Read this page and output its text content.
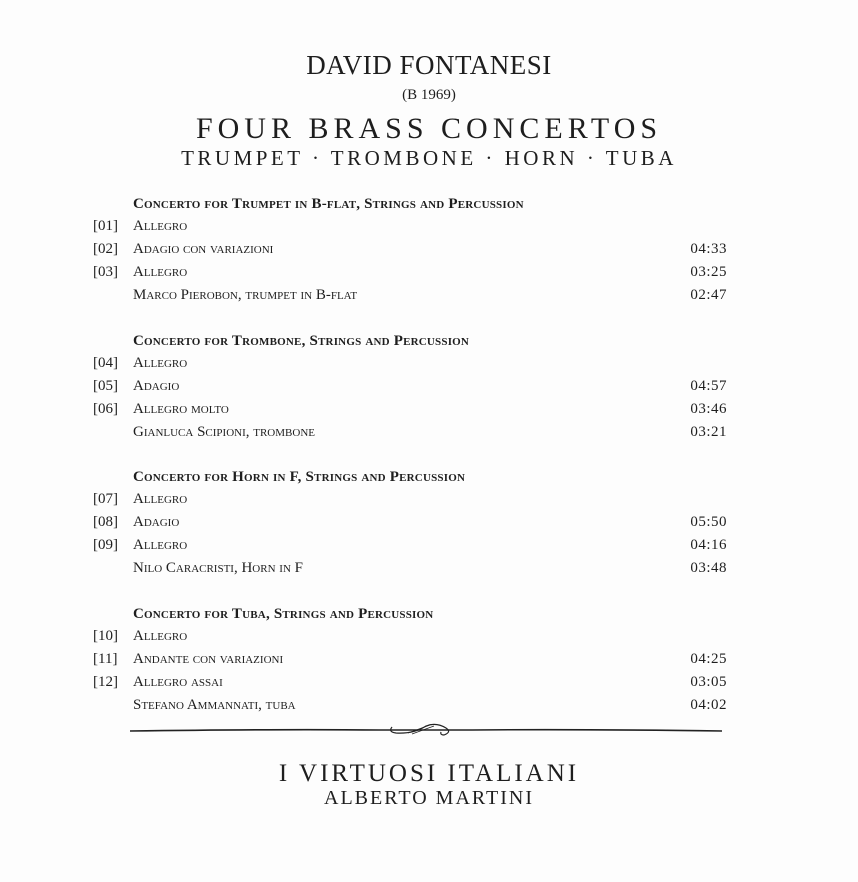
DAVID FONTANESI
(B 1969)
FOUR BRASS CONCERTOS
TRUMPET · TROMBONE · HORN · TUBA
Concerto for Trumpet in B-flat, Strings and Percussion
[01] Allegro
[02] Adagio con variazioni	04:33
[03] Allegro	03:25
Marco Pierobon, trumpet in B-flat	02:47
Concerto for Trombone, Strings and Percussion
[04] Allegro
[05] Adagio	04:57
[06] Allegro molto	03:46
Gianluca Scipioni, trombone	03:21
Concerto for Horn in F, Strings and Percussion
[07] Allegro
[08] Adagio	05:50
[09] Allegro	04:16
Nilo Caracristi, Horn in F	03:48
Concerto for Tuba, Strings and Percussion
[10] Allegro
[11] Andante con variazioni	04:25
[12] Allegro assai	03:05
Stefano Ammannati, tuba	04:02
I VIRTUOSI ITALIANI
ALBERTO MARTINI
